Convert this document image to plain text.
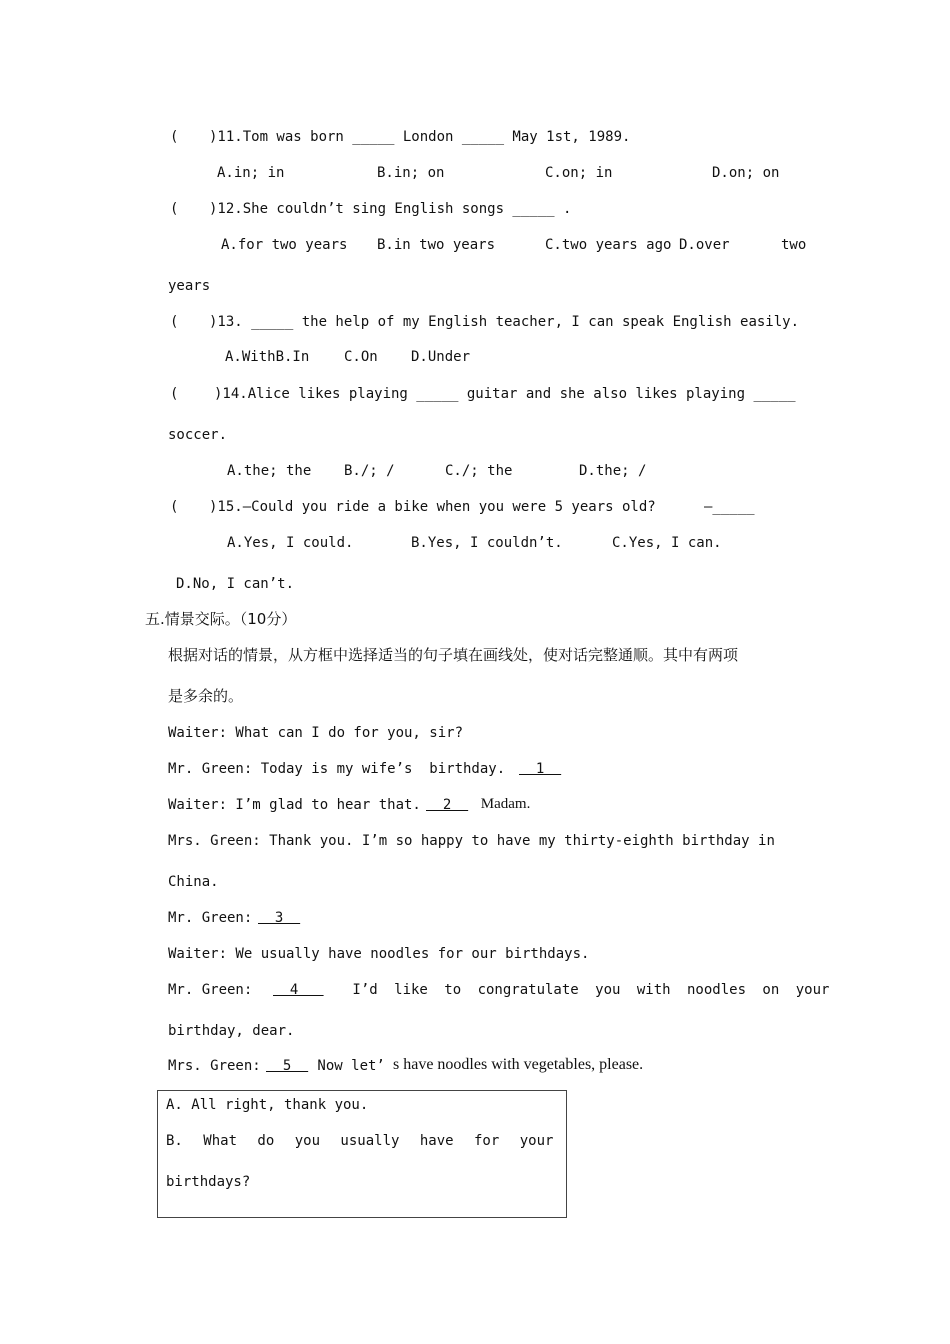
( )11.Tom was born _____ London _____ May 1st, 1989.
A.in; in	B.in; on	C.on; in	D.on; on
( )12.She couldn’t sing English songs _____ .
A.for two years B.in two years	C.two years ago D.over	two
years
( )13. _____ the help of my English teacher, I can speak English easily.
A.WithB.In C.On D.Under
(	)14.Alice likes playing _____ guitar and she also likes playing _____
soccer.
A.the; the B./; /	C./; the	D.the; /
( )15.—Could you ride a bike when you were 5 years old?	—_____
A.Yes, I could.	B.Yes, I couldn’t.	C.Yes, I can.
D.No, I can’t.
五.情景交际。（10分）
根据对话的情景，从方框中选择适当的句子填在画线处，使对话完整通顺。其中有两项
是多余的。
Waiter: What can I do for you, sir?
Mr. Green: Today is my wife’s  birthday. 1
Waiter: I’m glad to hear that. 2 Madam.
Mrs. Green: Thank you. I’m so happy to have my thirty-eighth birthday in
China.
Mr. Green:
3
Waiter: We usually have noodles for our birthdays.
Mr. Green: 4 I’d like to congratulate you with noodles on your
birthday, dear.
Mrs. Green:
5 Now let’ s have noodles with vegetables, please.
A. All right, thank you.
B. What do you usually have for your
birthdays?
